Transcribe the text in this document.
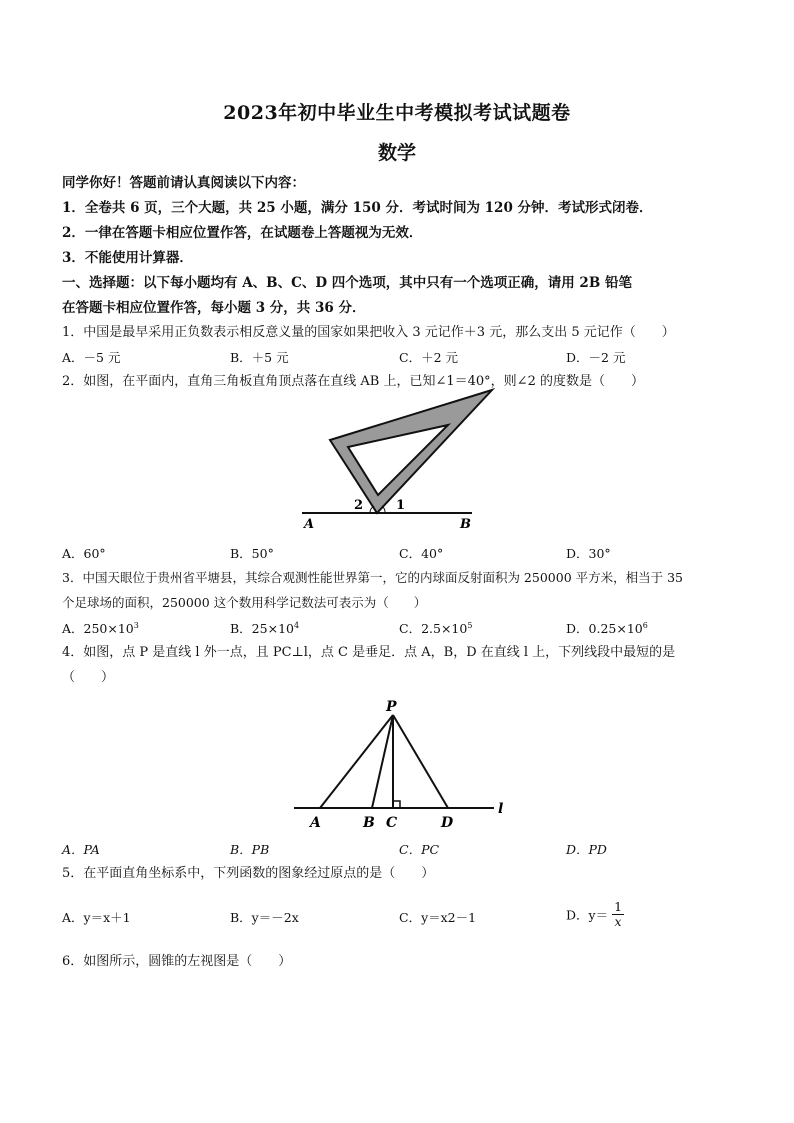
2023年初中毕业生中考模拟考试试题卷
数学
同学你好！答题前请认真阅读以下内容：
1．全卷共 6 页，三个大题，共 25 小题，满分 150 分．考试时间为 120 分钟．考试形式闭卷．
2．一律在答题卡相应位置作答，在试题卷上答题视为无效．
3．不能使用计算器．
一、选择题：以下每小题均有 A、B、C、D 四个选项，其中只有一个选项正确，请用 2B 铅笔
在答题卡相应位置作答，每小题 3 分，共 36 分．
1．中国是最早采用正负数表示相反意义量的国家如果把收入 3 元记作＋3 元，那么支出 5 元记作（　　）
A．－5 元	B．＋5 元	C．＋2 元	D．－2 元
2．如图，在平面内，直角三角板直角顶点落在直线 AB 上，已知∠1＝40°，则∠2 的度数是（　　）
A	B
2	1
A．60°	B．50°	C．40°	D．30°
3．中国天眼位于贵州省平塘县，其综合观测性能世界第一，它的内球面反射面积为 250000 平方米，相当于 35
个足球场的面积，250000 这个数用科学记数法可表示为（　　）
A．$250\times 10^3$	B．$25\times 10^4$	C．$2.5\times 10^5$	D．$0.25\times 10^6$
4．如图，点 P 是直线 l 外一点，且 PC⊥l，点 C 是垂足．点 A，B，D 在直线 l 上，下列线段中最短的是
（　　）
P
A	B C	D
l
A．PA	B．PB	C．PC	D．PD
5．在平面直角坐标系中，下列函数的图象经过原点的是（　　）
A．y＝x＋1	B．y＝－2x	C．y＝x2－1	D．$y= \frac{1}{x}$
6．如图所示，圆锥的左视图是（　　）
